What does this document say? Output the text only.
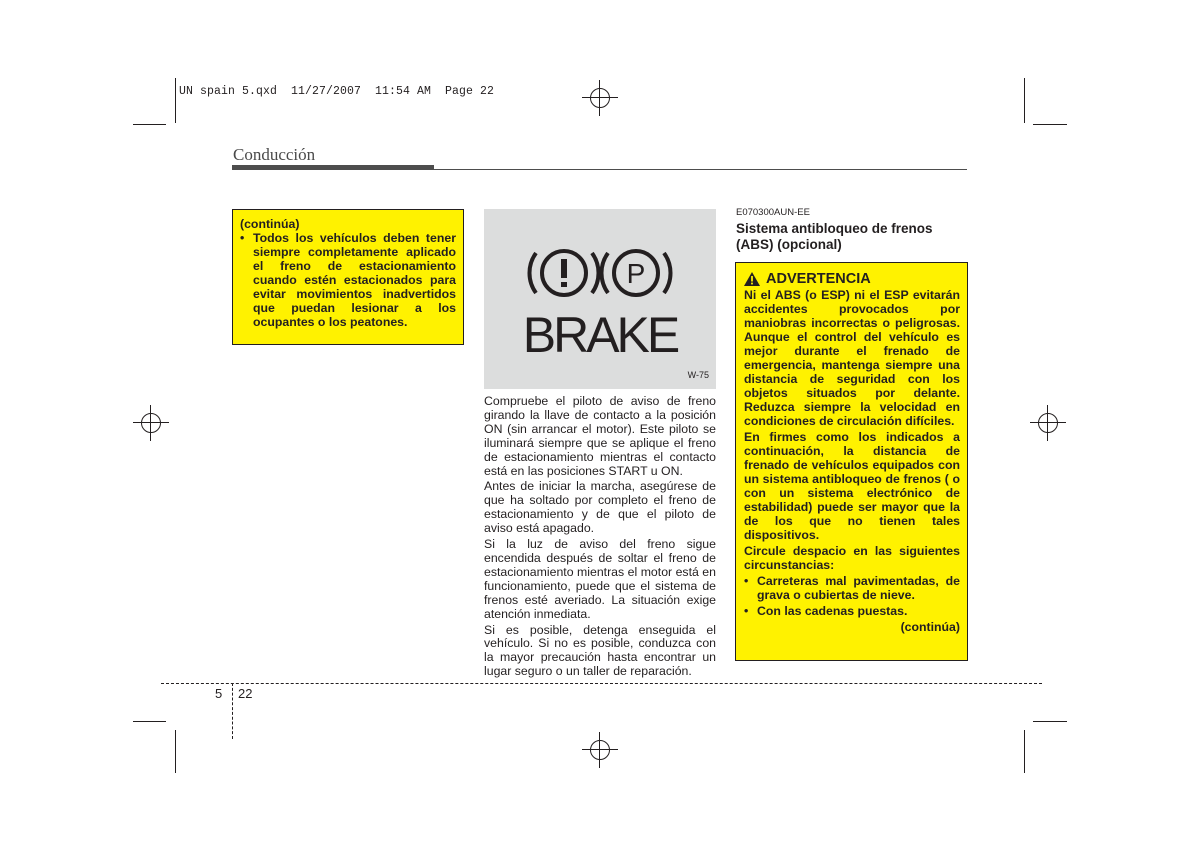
UN spain 5.qxd  11/27/2007  11:54 AM  Page 22
Conducción

(continúa)

• Todos los vehículos deben tener siempre completamente aplicado el freno de estacionamiento cuando estén estacionados para evitar movimientos inadvertidos que puedan lesionar a los ocupantes o los peatones.
P
BRAKE
W-75

Compruebe el piloto de aviso de freno girando la llave de contacto a la posición ON (sin arrancar el motor). Este piloto se iluminará siempre que se aplique el freno de estacionamiento mientras el contacto está en las posiciones START u ON.

Antes de iniciar la marcha, asegúrese de que ha soltado por completo el freno de estacionamiento y de que el piloto de aviso está apagado.

Si la luz de aviso del freno sigue encendida después de soltar el freno de estacionamiento mientras el motor está en funcionamiento, puede que el sistema de frenos esté averiado. La situación exige atención inmediata.

Si es posible, detenga enseguida el vehículo. Si no es posible, conduzca con la mayor precaución hasta encontrar un lugar seguro o un taller de reparación.

E070300AUN-EE
Sistema antibloqueo de frenos (ABS) (opcional)
ADVERTENCIA

Ni el ABS (o ESP) ni el ESP evitarán accidentes provocados por maniobras incorrectas o peligrosas. Aunque el control del vehículo es mejor durante el frenado de emergencia, mantenga siempre una distancia de seguridad con los objetos situados por delante. Reduzca siempre la velocidad en condiciones de circulación difíciles.

En firmes como los indicados a continuación, la distancia de frenado de vehículos equipados con un sistema antibloqueo de frenos ( o con un sistema electrónico de estabilidad) puede ser mayor que la de los que no tienen tales dispositivos.

Circule despacio en las siguientes circunstancias:

• Carreteras mal pavimentadas, de grava o cubiertas de nieve.
• Con las cadenas puestas.

(continúa)

5 22
